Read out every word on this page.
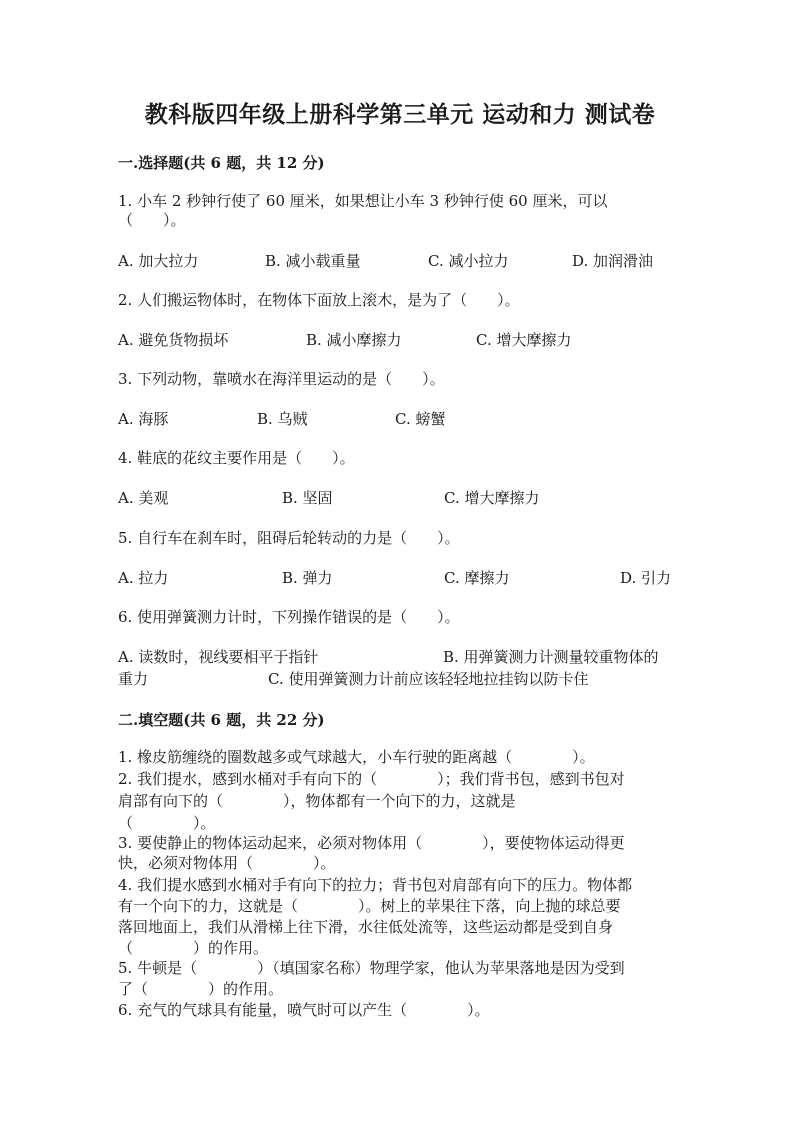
教科版四年级上册科学第三单元 运动和力 测试卷
一.选择题(共 6 题，共 12 分)
1. 小车 2 秒钟行使了 60 厘米，如果想让小车 3 秒钟行使 60 厘米，可以
（　　）。
A. 加大拉力	B. 减小载重量	C. 减小拉力	D. 加润滑油
2. 人们搬运物体时，在物体下面放上滚木，是为了（　　）。
A. 避免货物损坏	B. 减小摩擦力	C. 增大摩擦力
3. 下列动物，靠喷水在海洋里运动的是（　　）。
A. 海豚	B. 乌贼	C. 螃蟹
4. 鞋底的花纹主要作用是（　　）。
A. 美观	B. 坚固	C. 增大摩擦力
5. 自行车在刹车时，阻碍后轮转动的力是（　　）。
A. 拉力	B. 弹力	C. 摩擦力	D. 引力
6. 使用弹簧测力计时，下列操作错误的是（　　）。
A. 读数时，视线要相平于指针	B. 用弹簧测力计测量较重物体的
重力	C. 使用弹簧测力计前应该轻轻地拉挂钩以防卡住
二.填空题(共 6 题，共 22 分)
1. 橡皮筋缠绕的圈数越多或气球越大，小车行驶的距离越（　　　　）。
2. 我们提水，感到水桶对手有向下的（　　　　）；我们背书包，感到书包对
肩部有向下的（　　　　），物体都有一个向下的力，这就是
（　　　　）。
3. 要使静止的物体运动起来，必须对物体用（　　　　），要使物体运动得更
快，必须对物体用（　　　　）。
4. 我们提水感到水桶对手有向下的拉力；背书包对肩部有向下的压力。物体都
有一个向下的力，这就是（　　　　）。树上的苹果往下落，向上抛的球总要
落回地面上，我们从滑梯上往下滑，水往低处流等，这些运动都是受到自身
（　　　　）的作用。
5. 牛顿是（　　　　）（填国家名称）物理学家，他认为苹果落地是因为受到
了（　　　　）的作用。
6. 充气的气球具有能量，喷气时可以产生（　　　　）。
